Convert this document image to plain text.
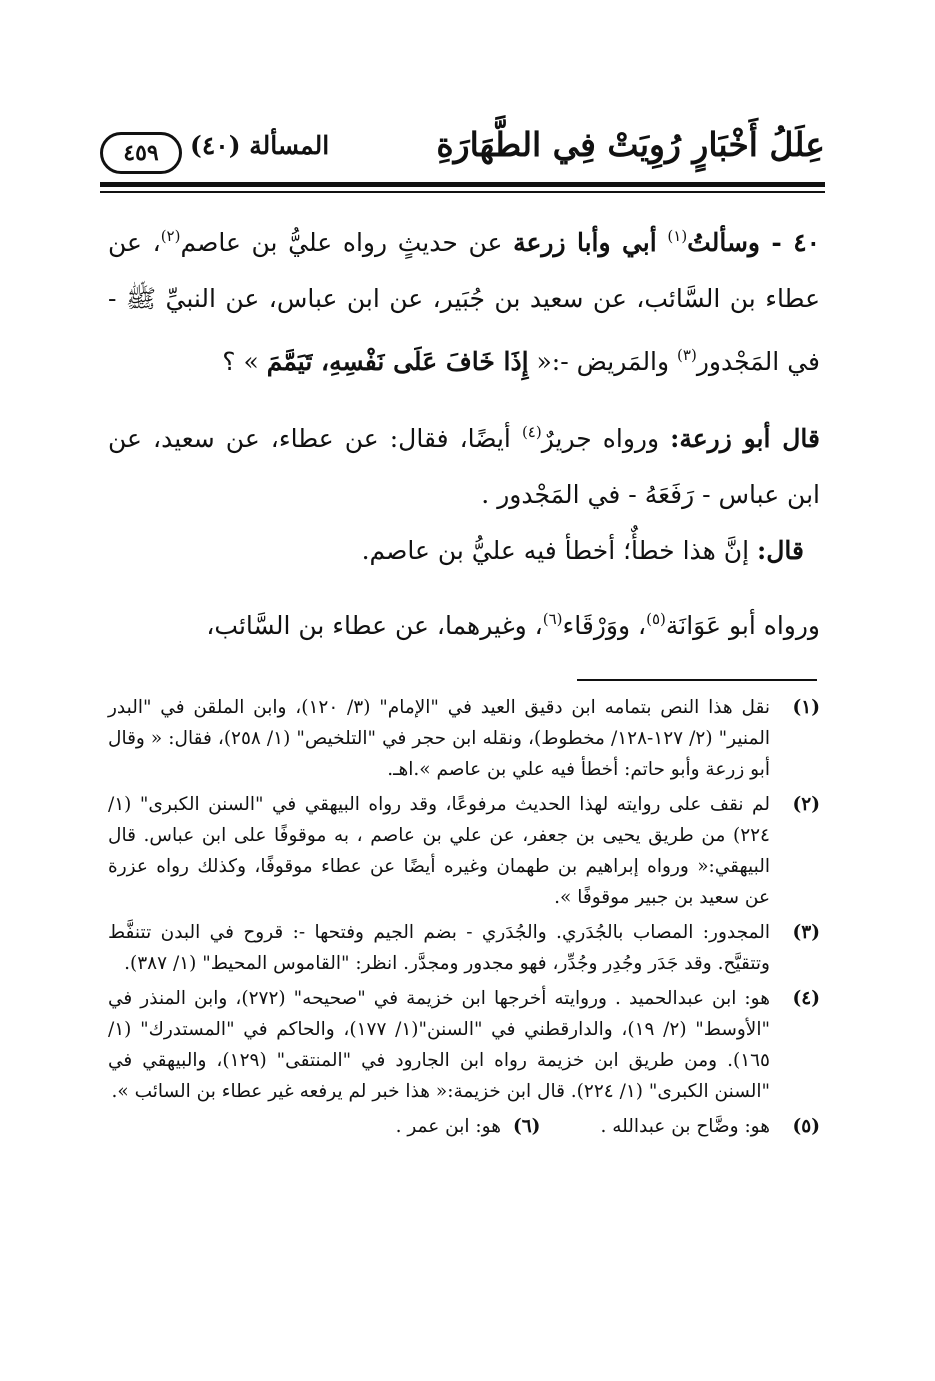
عِلَلُ أَخْبَارٍ رُوِيَتْ فِي الطَّهَارَةِ
المسألة (٤٠)
٤٥٩

٤٠ - وسألتُ$^{(١)}$ أبي وأبا زرعة عن حديثٍ رواه عليُّ بن عاصم$^{(٢)}$، عن عطاء بن السَّائب، عن سعيد بن جُبَير، عن ابن عباس، عن النبيِّ ﷺ - في المَجْدور$^{(٣)}$ والمَريض -:« إِذَا خَافَ عَلَى نَفْسِهِ، تَيَمَّمَ » ؟

قال أبو زرعة: ورواه جريرٌ$^{(٤)}$ أيضًا، فقال: عن عطاء، عن سعيد، عن ابن عباس - رَفَعَهُ - في المَجْدور .

قال: إنَّ هذا خطأٌ؛ أخطأ فيه عليُّ بن عاصم.

ورواه أبو عَوَانَة$^{(٥)}$، ووَرْقَاء$^{(٦)}$، وغيرهما، عن عطاء بن السَّائب،

(١)
نقل هذا النص بتمامه ابن دقيق العيد في "الإمام" (٣/ ١٢٠)، وابن الملقن في "البدر المنير" (٢/ ١٢٧-١٢٨/ مخطوط)، ونقله ابن حجر في "التلخيص" (١/ ٢٥٨)، فقال: « وقال أبو زرعة وأبو حاتم: أخطأ فيه علي بن عاصم ».اهـ.
(٢)
لم نقف على روايته لهذا الحديث مرفوعًا، وقد رواه البيهقي في "السنن الكبرى" (١/ ٢٢٤) من طريق يحيى بن جعفر، عن علي بن عاصم ، به موقوفًا على ابن عباس. قال البيهقي:« ورواه إبراهيم بن طهمان وغيره أيضًا عن عطاء موقوفًا، وكذلك رواه عزرة عن سعيد بن جبير موقوفًا ».
(٣)
المجدور: المصاب بالجُدَري. والجُدَري - بضم الجيم وفتحها -: قروح في البدن تتنفَّط وتتقيَّح. وقد جَدَر وجُدِر وجُدِّر، فهو مجدور ومجدَّر. انظر: "القاموس المحيط" (١/ ٣٨٧).
(٤)
هو: ابن عبدالحميد . وروايته أخرجها ابن خزيمة في "صحيحه" (٢٧٢)، وابن المنذر في "الأوسط" (٢/ ١٩)، والدارقطني في "السنن"(١/ ١٧٧)، والحاكم في "المستدرك" (١/ ١٦٥). ومن طريق ابن خزيمة رواه ابن الجارود في "المنتقى" (١٢٩)، والبيهقي في "السنن الكبرى" (١/ ٢٢٤). قال ابن خزيمة:« هذا خبر لم يرفعه غير عطاء بن السائب ».
(٥)
هو: وضَّاح بن عبدالله .
(٦)
هو: ابن عمر .
